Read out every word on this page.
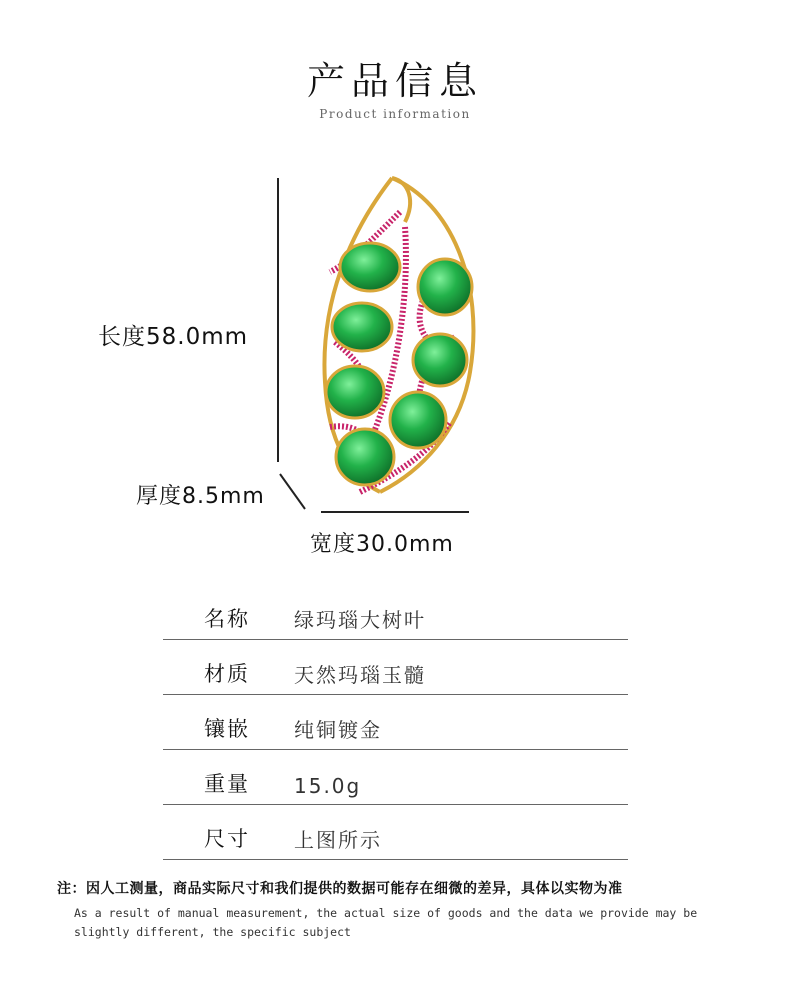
产品信息
Product information
长度58.0mm
厚度8.5mm
宽度30.0mm
名称 绿玛瑙大树叶
材质 天然玛瑙玉髓
镶嵌 纯铜镀金
重量 15.0g
尺寸 上图所示
注：因人工测量，商品实际尺寸和我们提供的数据可能存在细微的差异，具体以实物为准
As a result of manual measurement, the actual size of goods and the data we provide may be slightly different, the specific subject
